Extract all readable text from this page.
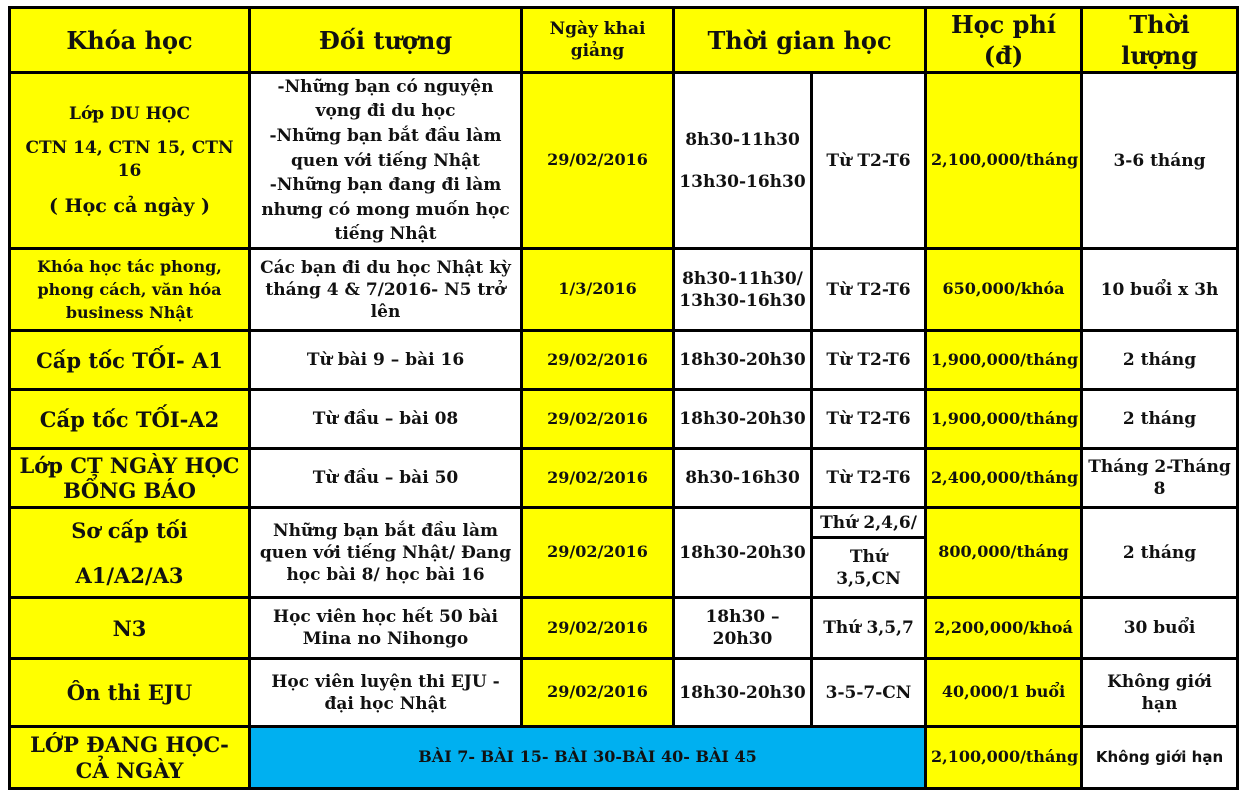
Khóa học	Đối tượng	Ngày khai giảng	Thời gian học		Học phí (đ)	Thời lượng

Lớp DU HỌC
CTN 14, CTN 15, CTN 16
( Học cả ngày )	-Những bạn có nguyện vọng đi du học
-Những bạn bắt đầu làm quen với tiếng Nhật
-Những bạn đang đi làm nhưng có mong muốn học tiếng Nhật	29/02/2016	8h30-11h30
13h30-16h30	Từ T2-T6	2,100,000/tháng	3-6 tháng
Khóa học tác phong, phong cách, văn hóa business Nhật	Các bạn đi du học Nhật kỳ tháng 4 & 7/2016- N5 trở lên	1/3/2016	8h30-11h30/ 13h30-16h30	Từ T2-T6	650,000/khóa	10 buổi x 3h
Cấp tốc TỐI- A1	Từ bài 9 – bài 16	29/02/2016	18h30-20h30	Từ T2-T6	1,900,000/tháng	2 tháng
Cấp tốc TỐI-A2	Từ đầu – bài 08	29/02/2016	18h30-20h30	Từ T2-T6	1,900,000/tháng	2 tháng
Lớp CT NGÀY HỌC BỔNG BÁO	Từ đầu – bài 50	29/02/2016	8h30-16h30	Từ T2-T6	2,400,000/tháng	Tháng 2-Tháng 8

Sơ cấp tối
A1/A2/A3	Những bạn bắt đầu làm quen với tiếng Nhật/ Đang học bài 8/ học bài 16	29/02/2016	18h30-20h30	Thứ 2,4,6/	800,000/tháng	2 tháng
				Thứ 3,5,CN		
N3	Học viên học hết 50 bài Mina no Nihongo	29/02/2016	18h30 – 20h30	Thứ 3,5,7	2,200,000/khoá	30 buổi
Ôn thi EJU	Học viên luyện thi EJU - đại học Nhật	29/02/2016	18h30-20h30	3-5-7-CN	40,000/1 buổi	Không giới hạn
LỚP ĐANG HỌC- CẢ NGÀY	BÀI 7- BÀI 15- BÀI 30-BÀI 40- BÀI 45				2,100,000/tháng	Không giới hạn
